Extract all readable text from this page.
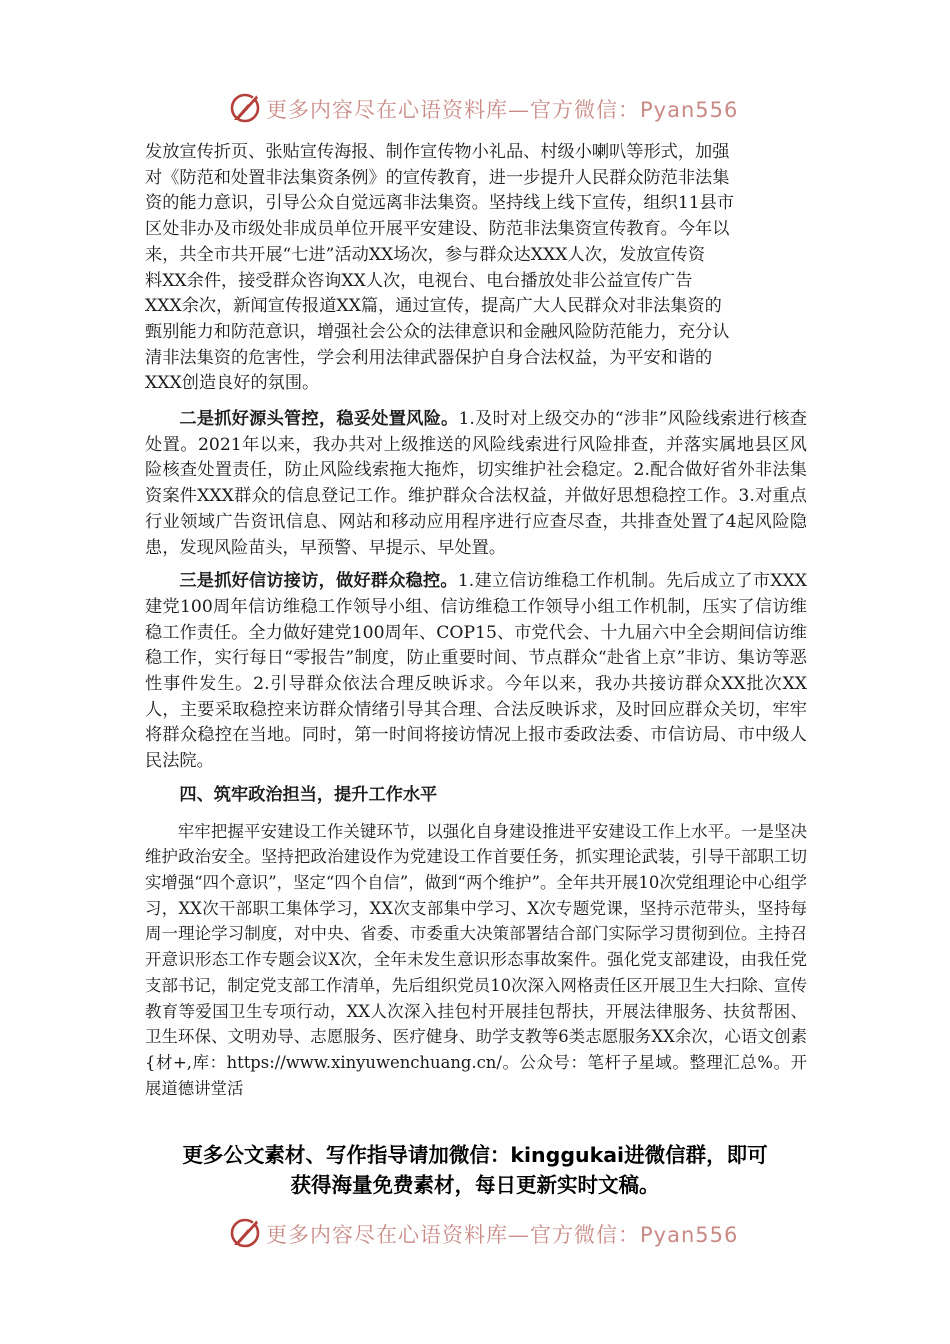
更多内容尽在心语资料库—官方微信：Pyan556
发放宣传折页、张贴宣传海报、制作宣传物小礼品、村级小喇叭等形式，加强
对《防范和处置非法集资条例》的宣传教育，进一步提升人民群众防范非法集
资的能力意识，引导公众自觉远离非法集资。坚持线上线下宣传，组织11县市
区处非办及市级处非成员单位开展平安建设、防范非法集资宣传教育。今年以
来，共全市共开展“七进”活动XX场次，参与群众达XXX人次，发放宣传资
料XX余件，接受群众咨询XX人次，电视台、电台播放处非公益宣传广告
XXX余次，新闻宣传报道XX篇，通过宣传，提高广大人民群众对非法集资的
甄别能力和防范意识，增强社会公众的法律意识和金融风险防范能力，充分认
清非法集资的危害性，学会利用法律武器保护自身合法权益，为平安和谐的
XXX创造良好的氛围。

二是抓好源头管控，稳妥处置风险。1.及时对上级交办的“涉非”风险线索进行核查处置。2021年以来，我办共对上级推送的风险线索进行风险排查，并落实属地县区风险核查处置责任，防止风险线索拖大拖炸，切实维护社会稳定。2.配合做好省外非法集资案件XXX群众的信息登记工作。维护群众合法权益，并做好思想稳控工作。3.对重点行业领域广告资讯信息、网站和移动应用程序进行应查尽查，共排查处置了4起风险隐患，发现风险苗头，早预警、早提示、早处置。

三是抓好信访接访，做好群众稳控。1.建立信访维稳工作机制。先后成立了市XXX建党100周年信访维稳工作领导小组、信访维稳工作领导小组工作机制，压实了信访维稳工作责任。全力做好建党100周年、COP15、市党代会、十九届六中全会期间信访维稳工作，实行每日“零报告”制度，防止重要时间、节点群众“赴省上京”非访、集访等恶性事件发生。2.引导群众依法合理反映诉求。今年以来，我办共接访群众XX批次XX人，主要采取稳控来访群众情绪引导其合理、合法反映诉求，及时回应群众关切，牢牢将群众稳控在当地。同时，第一时间将接访情况上报市委政法委、市信访局、市中级人民法院。

四、筑牢政治担当，提升工作水平

牢牢把握平安建设工作关键环节，以强化自身建设推进平安建设工作上水平。一是坚决维护政治安全。坚持把政治建设作为党建设工作首要任务，抓实理论武装，引导干部职工切实增强“四个意识”，坚定“四个自信”，做到“两个维护”。全年共开展10次党组理论中心组学习，XX次干部职工集体学习，XX次支部集中学习、X次专题党课，坚持示范带头，坚持每周一理论学习制度，对中央、省委、市委重大决策部署结合部门实际学习贯彻到位。主持召开意识形态工作专题会议X次，全年未发生意识形态事故案件。强化党支部建设，由我任党支部书记，制定党支部工作清单，先后组织党员10次深入网格责任区开展卫生大扫除、宣传教育等爱国卫生专项行动，XX人次深入挂包村开展挂包帮扶，开展法律服务、扶贫帮困、卫生环保、文明劝导、志愿服务、医疗健身、助学支教等6类志愿服务XX余次，心语文创素{材+,库：https://www.xinyuwenchuang.cn/。公众号：笔杆子星域。整理汇总%。开展道德讲堂活

更多公文素材、写作指导请加微信：kinggukai进微信群，即可
获得海量免费素材，每日更新实时文稿。
更多内容尽在心语资料库—官方微信：Pyan556
